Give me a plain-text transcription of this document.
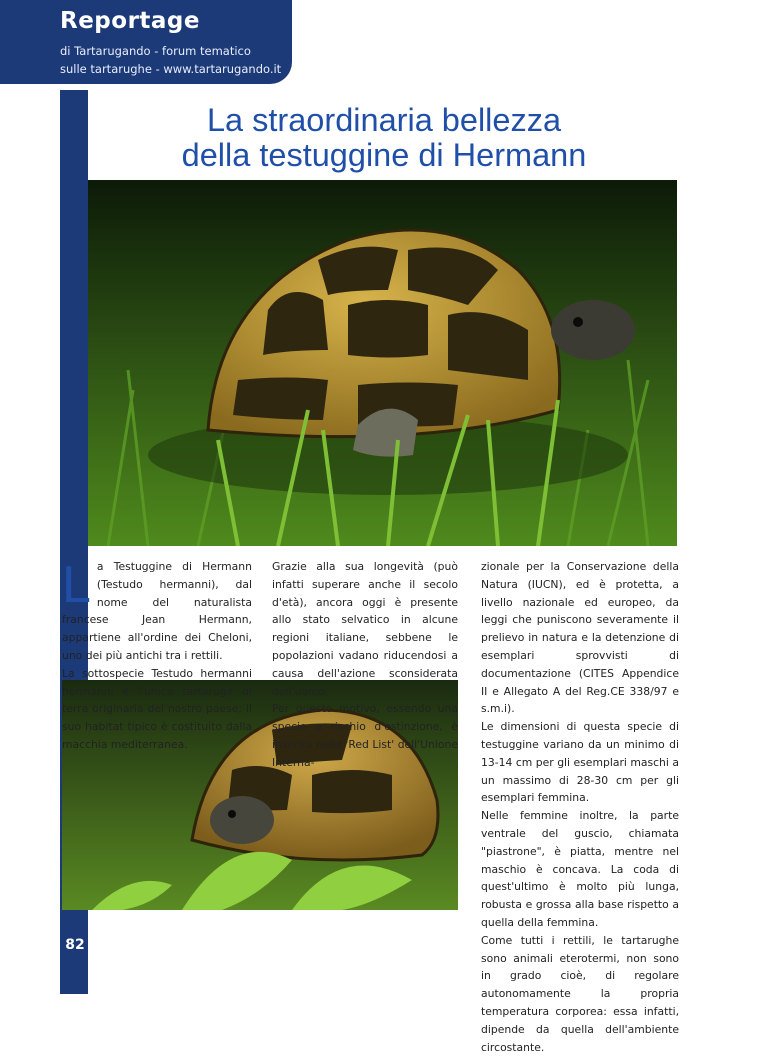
Reportage
di Tartarugando - forum tematico
sulle tartarughe - www.tartarugando.it
82
La straordinaria bellezza
della testuggine di Hermann

La Testuggine di Hermann (Testudo hermanni), dal nome del naturalista francese Jean Hermann, appartiene all'ordine dei Cheloni, uno dei più antichi tra i rettili.

La sottospecie Testudo hermanni hermanni è l'unica tartaruga di terra originaria del nostro paese; il suo habitat tipico è costituito dalla macchia mediterranea.

Grazie alla sua longevità (può infatti superare anche il secolo d'età), ancora oggi è presente allo stato selvatico in alcune regioni italiane, sebbene le popolazioni vadano riducendosi a causa dell'azione sconsiderata dell'uomo.

Per questo motivo, essendo una specie a rischio d'estinzione, è inserita nella 'Red List' dell'Unione Interna-

zionale per la Conservazione della Natura (IUCN), ed è protetta, a livello nazionale ed europeo, da leggi che puniscono severamente il prelievo in natura e la detenzione di esemplari sprovvisti di documentazione (CITES Appendice II e Allegato A del Reg.CE 338/97 e s.m.i).

Le dimensioni di questa specie di testuggine variano da un minimo di 13-14 cm per gli esemplari maschi a un massimo di 28-30 cm per gli esemplari femmina.

Nelle femmine inoltre, la parte ventrale del guscio, chiamata "piastrone", è piatta, mentre nel maschio è concava. La coda di quest'ultimo è molto più lunga, robusta e grossa alla base rispetto a quella della femmina.

Come tutti i rettili, le tartarughe sono animali eterotermi, non sono in grado cioè, di regolare autonomamente la propria temperatura corporea: essa infatti, dipende da quella dell'ambiente circostante.
